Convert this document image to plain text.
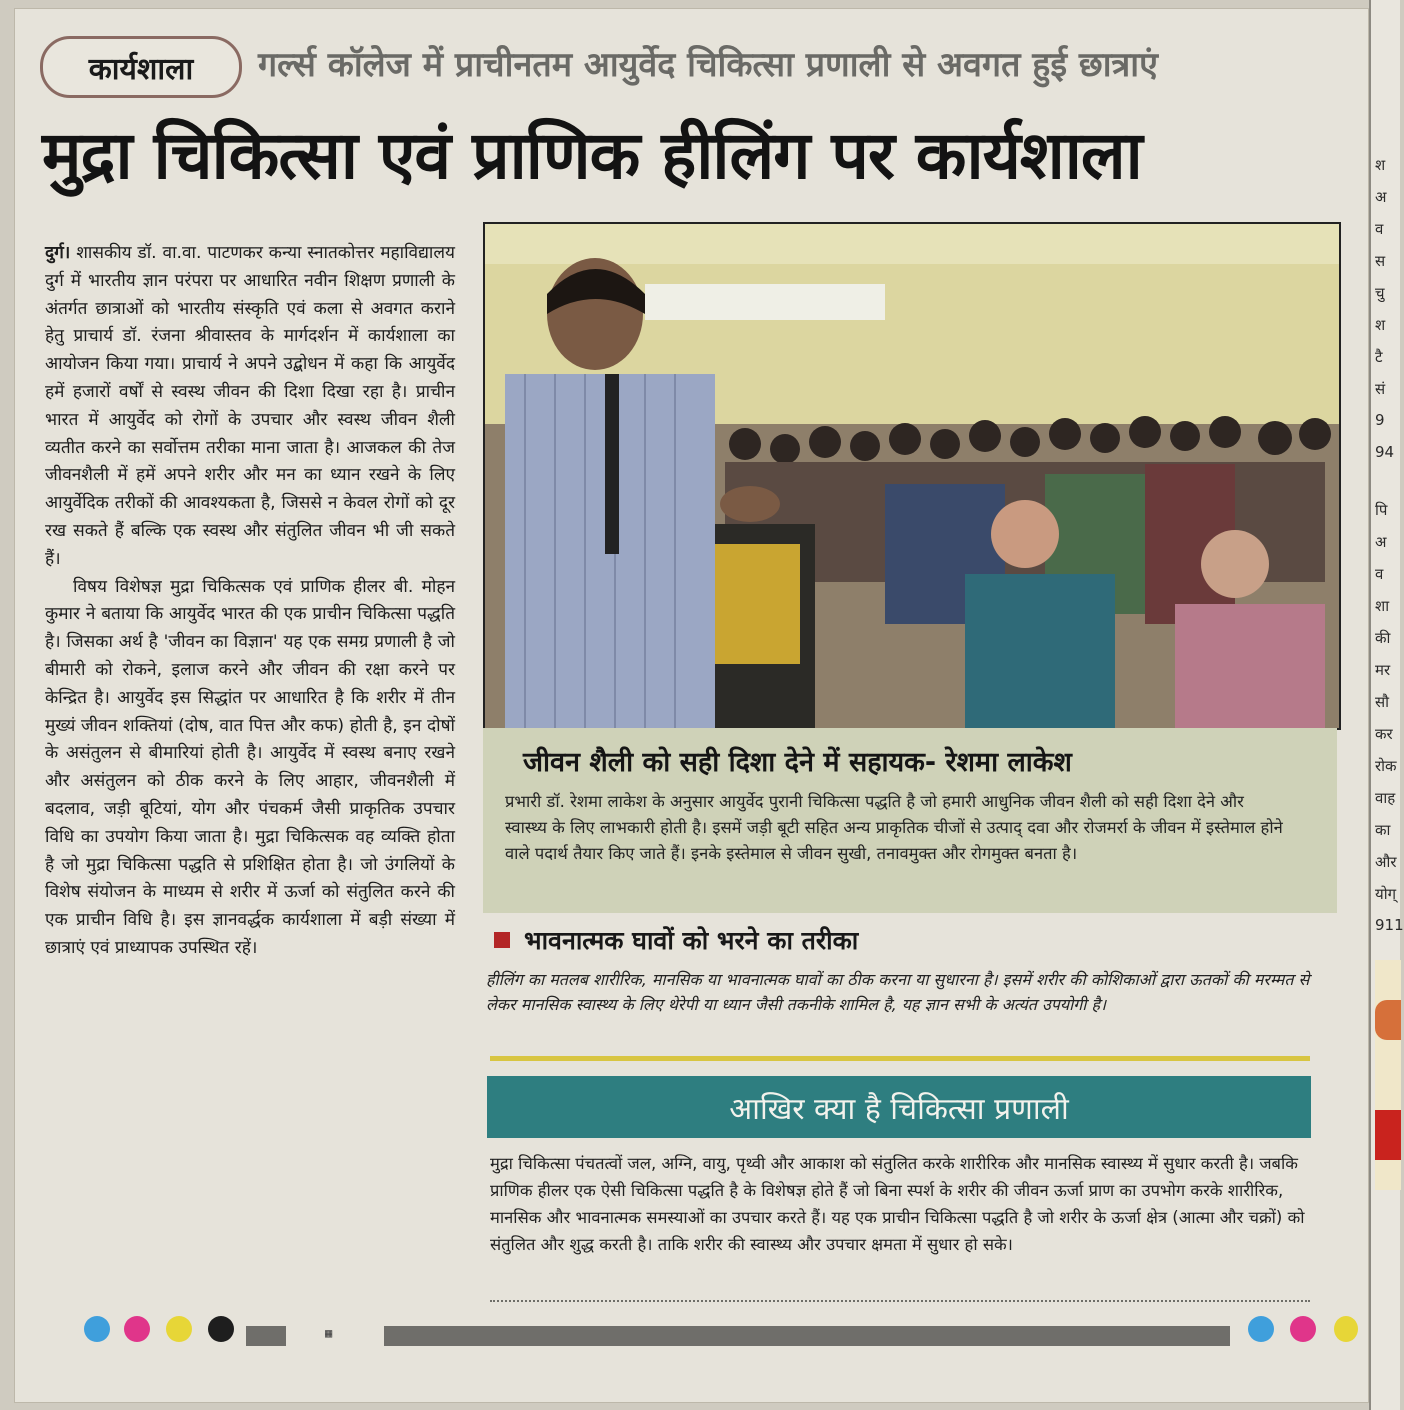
श
अ
व
स
चु
श
टै
सं
9
94
पि
अ
व
शा
की
मर
सौ
कर
रोक
वाह
का
और
योग्
911
कार्यशाला गर्ल्स कॉलेज में प्राचीनतम आयुर्वेद चिकित्सा प्रणाली से अवगत हुई छात्राएं
मुद्रा चिकित्सा एवं प्राणिक हीलिंग पर कार्यशाला

दुर्ग। शासकीय डॉ. वा.वा. पाटणकर कन्या स्नातकोत्तर महाविद्यालय दुर्ग में भारतीय ज्ञान परंपरा पर आधारित नवीन शिक्षण प्रणाली के अंतर्गत छात्राओं को भारतीय संस्कृति एवं कला से अवगत कराने हेतु प्राचार्य डॉ. रंजना श्रीवास्तव के मार्गदर्शन में कार्यशाला का आयोजन किया गया। प्राचार्य ने अपने उद्बोधन में कहा कि आयुर्वेद हमें हजारों वर्षों से स्वस्थ जीवन की दिशा दिखा रहा है। प्राचीन भारत में आयुर्वेद को रोगों के उपचार और स्वस्थ जीवन शैली व्यतीत करने का सर्वोत्तम तरीका माना जाता है। आजकल की तेज जीवनशैली में हमें अपने शरीर और मन का ध्यान रखने के लिए आयुर्वेदिक तरीकों की आवश्यकता है, जिससे न केवल रोगों को दूर रख सकते हैं बल्कि एक स्वस्थ और संतुलित जीवन भी जी सकते हैं।

विषय विशेषज्ञ मुद्रा चिकित्सक एवं प्राणिक हीलर बी. मोहन कुमार ने बताया कि आयुर्वेद भारत की एक प्राचीन चिकित्सा पद्धति है। जिसका अर्थ है 'जीवन का विज्ञान' यह एक समग्र प्रणाली है जो बीमारी को रोकने, इलाज करने और जीवन की रक्षा करने पर केन्द्रित है। आयुर्वेद इस सिद्धांत पर आधारित है कि शरीर में तीन मुख्यं जीवन शक्तियां (दोष, वात पित्त और कफ) होती है, इन दोषों के असंतुलन से बीमारियां होती है। आयुर्वेद में स्वस्थ बनाए रखने और असंतुलन को ठीक करने के लिए आहार, जीवनशैली में बदलाव, जड़ी बूटियां, योग और पंचकर्म जैसी प्राकृतिक उपचार विधि का उपयोग किया जाता है। मुद्रा चिकित्सक वह व्यक्ति होता है जो मुद्रा चिकित्सा पद्धति से प्रशिक्षित होता है। जो उंगलियों के विशेष संयोजन के माध्यम से शरीर में ऊर्जा को संतुलित करने की एक प्राचीन विधि है। इस ज्ञानवर्द्धक कार्यशाला में बड़ी संख्या में छात्राएं एवं प्राध्यापक उपस्थित रहें।

जीवन शैली को सही दिशा देने में सहायक- रेशमा लाकेश
प्रभारी डॉ. रेशमा लाकेश के अनुसार आयुर्वेद पुरानी चिकित्सा पद्धति है जो हमारी आधुनिक जीवन शैली को सही दिशा देने और स्वास्थ्य के लिए लाभकारी होती है। इसमें जड़ी बूटी सहित अन्य प्राकृतिक चीजों से उत्पाद् दवा और रोजमर्रा के जीवन में इस्तेमाल होने वाले पदार्थ तैयार किए जाते हैं। इनके इस्तेमाल से जीवन सुखी, तनावमुक्त और रोगमुक्त बनता है।
भावनात्मक घावों को भरने का तरीका
हीलिंग का मतलब शारीरिक, मानसिक या भावनात्मक घावों का ठीक करना या सुधारना है। इसमें शरीर की कोशिकाओं द्वारा ऊतकों की मरम्मत से लेकर मानसिक स्वास्थ्य के लिए थेरेपी या ध्यान जैसी तकनीके शामिल है, यह ज्ञान सभी के अत्यंत उपयोगी है।
आखिर क्या है चिकित्सा प्रणाली
मुद्रा चिकित्सा पंचतत्वों जल, अग्नि, वायु, पृथ्वी और आकाश को संतुलित करके शारीरिक और मानसिक स्वास्थ्य में सुधार करती है। जबकि प्राणिक हीलर एक ऐसी चिकित्सा पद्धति है के विशेषज्ञ होते हैं जो बिना स्पर्श के शरीर की जीवन ऊर्जा प्राण का उपभोग करके शारीरिक, मानसिक और भावनात्मक समस्याओं का उपचार करते हैं। यह एक प्राचीन चिकित्सा पद्धति है जो शरीर के ऊर्जा क्षेत्र (आत्मा और चक्रों) को संतुलित और शुद्ध करती है। ताकि शरीर की स्वास्थ्य और उपचार क्षमता में सुधार हो सके।
▦
